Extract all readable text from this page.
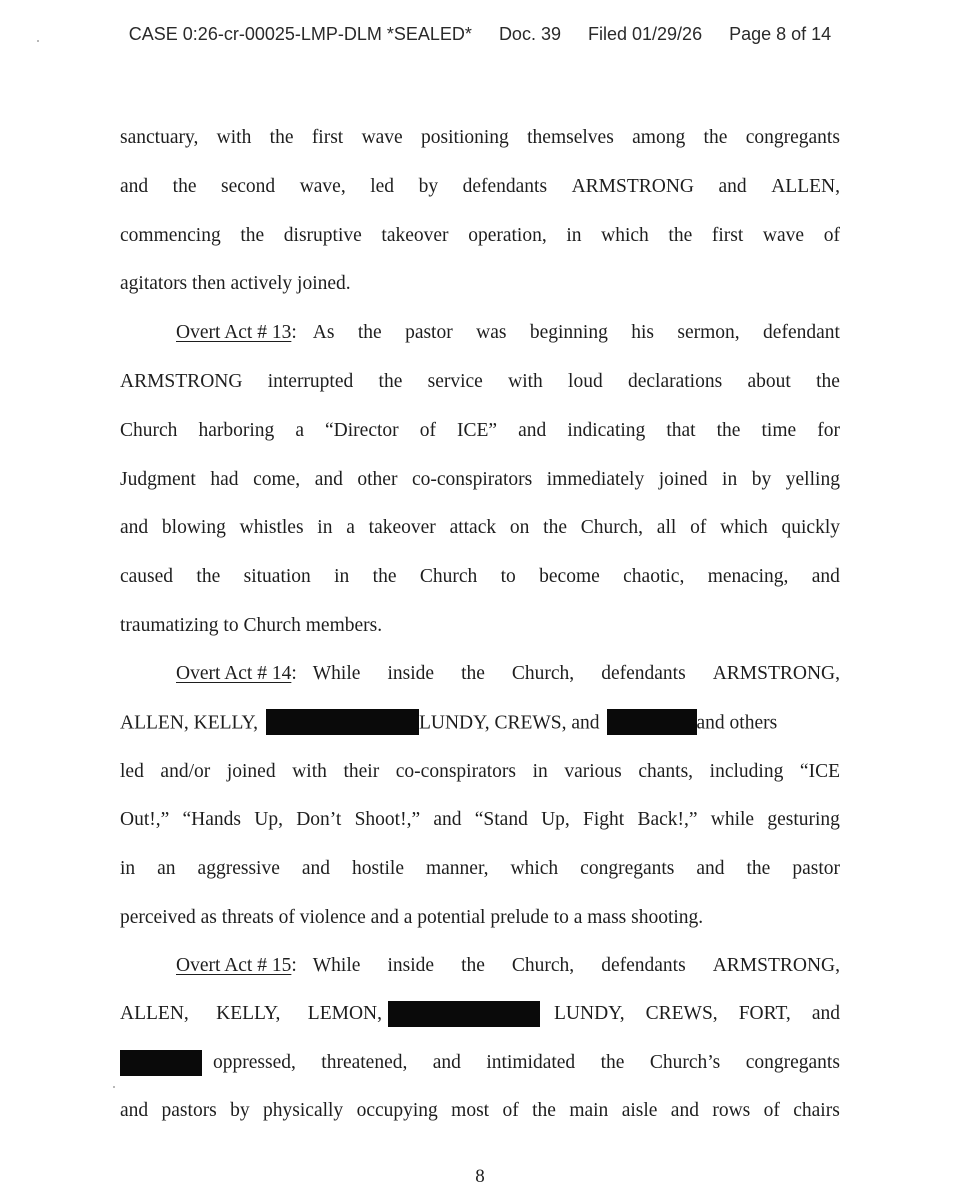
CASE 0:26-cr-00025-LMP-DLM *SEALED* Doc. 39 Filed 01/29/26 Page 8 of 14
sanctuary, with the first wave positioning themselves among the congregants
and the second wave, led by defendants ARMSTRONG and ALLEN,
commencing the disruptive takeover operation, in which the first wave of
agitators then actively joined.
Overt Act # 13: As the pastor was beginning his sermon, defendant
ARMSTRONG interrupted the service with loud declarations about the
Church harboring a “Director of ICE” and indicating that the time for
Judgment had come, and other co-conspirators immediately joined in by yelling
and blowing whistles in a takeover attack on the Church, all of which quickly
caused the situation in the Church to become chaotic, menacing, and
traumatizing to Church members.
Overt Act # 14: While inside the Church, defendants ARMSTRONG,
ALLEN, KELLY,	LUNDY, CREWS, and	and others
led and/or joined with their co-conspirators in various chants, including “ICE
Out!,” “Hands Up, Don’t Shoot!,” and “Stand Up, Fight Back!,” while gesturing
in an aggressive and hostile manner, which congregants and the pastor
perceived as threats of violence and a potential prelude to a mass shooting.
Overt Act # 15: While inside the Church, defendants ARMSTRONG,
ALLEN, KELLY, LEMON,	LUNDY, CREWS, FORT, and
oppressed, threatened, and intimidated the Church’s congregants
and pastors by physically occupying most of the main aisle and rows of chairs
8
